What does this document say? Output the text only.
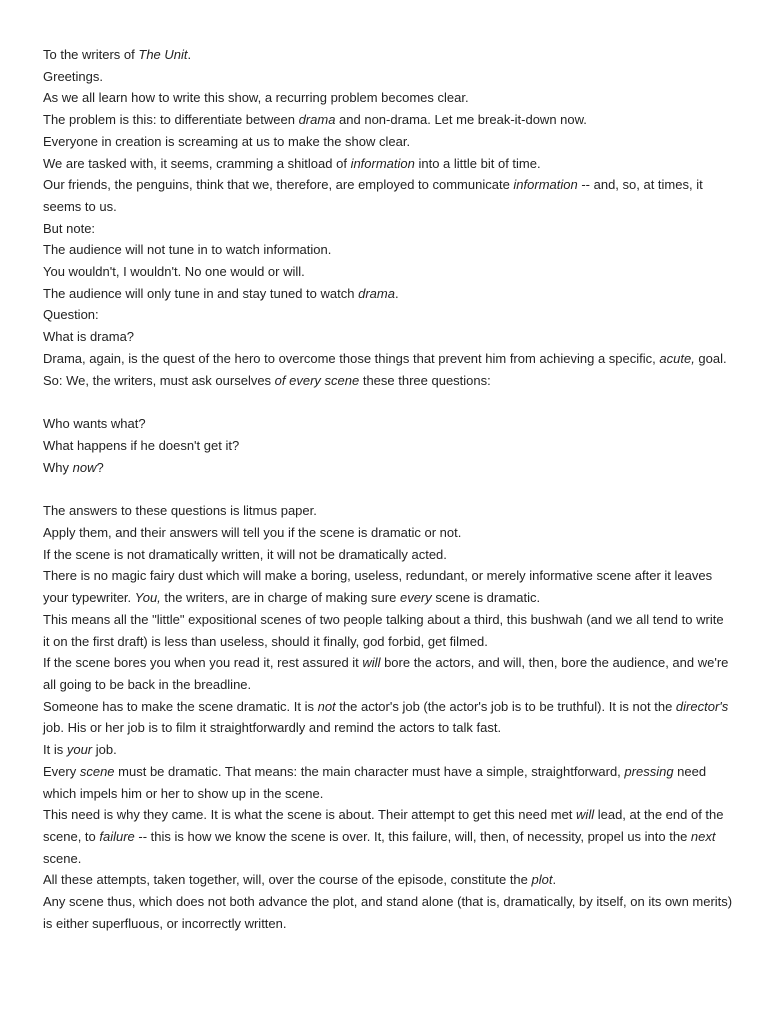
To the writers of The Unit.

Greetings.

As we all learn how to write this show, a recurring problem becomes clear.

The problem is this: to differentiate between drama and non-drama. Let me break-it-down now.

Everyone in creation is screaming at us to make the show clear.

We are tasked with, it seems, cramming a shitload of information into a little bit of time.

Our friends, the penguins, think that we, therefore, are employed to communicate information -- and, so, at times, it seems to us.

But note:

The audience will not tune in to watch information.

You wouldn't, I wouldn't. No one would or will.

The audience will only tune in and stay tuned to watch drama.

Question:

What is drama?

Drama, again, is the quest of the hero to overcome those things that prevent him from achieving a specific, acute, goal.

So: We, the writers, must ask ourselves of every scene these three questions:

Who wants what?

What happens if he doesn't get it?

Why now?

The answers to these questions is litmus paper.

Apply them, and their answers will tell you if the scene is dramatic or not.

If the scene is not dramatically written, it will not be dramatically acted.

There is no magic fairy dust which will make a boring, useless, redundant, or merely informative scene after it leaves your typewriter. You, the writers, are in charge of making sure every scene is dramatic.

This means all the "little" expositional scenes of two people talking about a third, this bushwah (and we all tend to write it on the first draft) is less than useless, should it finally, god forbid, get filmed.

If the scene bores you when you read it, rest assured it will bore the actors, and will, then, bore the audience, and we're all going to be back in the breadline.

Someone has to make the scene dramatic. It is not the actor's job (the actor's job is to be truthful). It is not the director's job. His or her job is to film it straightforwardly and remind the actors to talk fast.

It is your job.

Every scene must be dramatic. That means: the main character must have a simple, straightforward, pressing need which impels him or her to show up in the scene.

This need is why they came. It is what the scene is about. Their attempt to get this need met will lead, at the end of the scene, to failure -- this is how we know the scene is over. It, this failure, will, then, of necessity, propel us into the next scene.

All these attempts, taken together, will, over the course of the episode, constitute the plot.

Any scene thus, which does not both advance the plot, and stand alone (that is, dramatically, by itself, on its own merits) is either superfluous, or incorrectly written.
